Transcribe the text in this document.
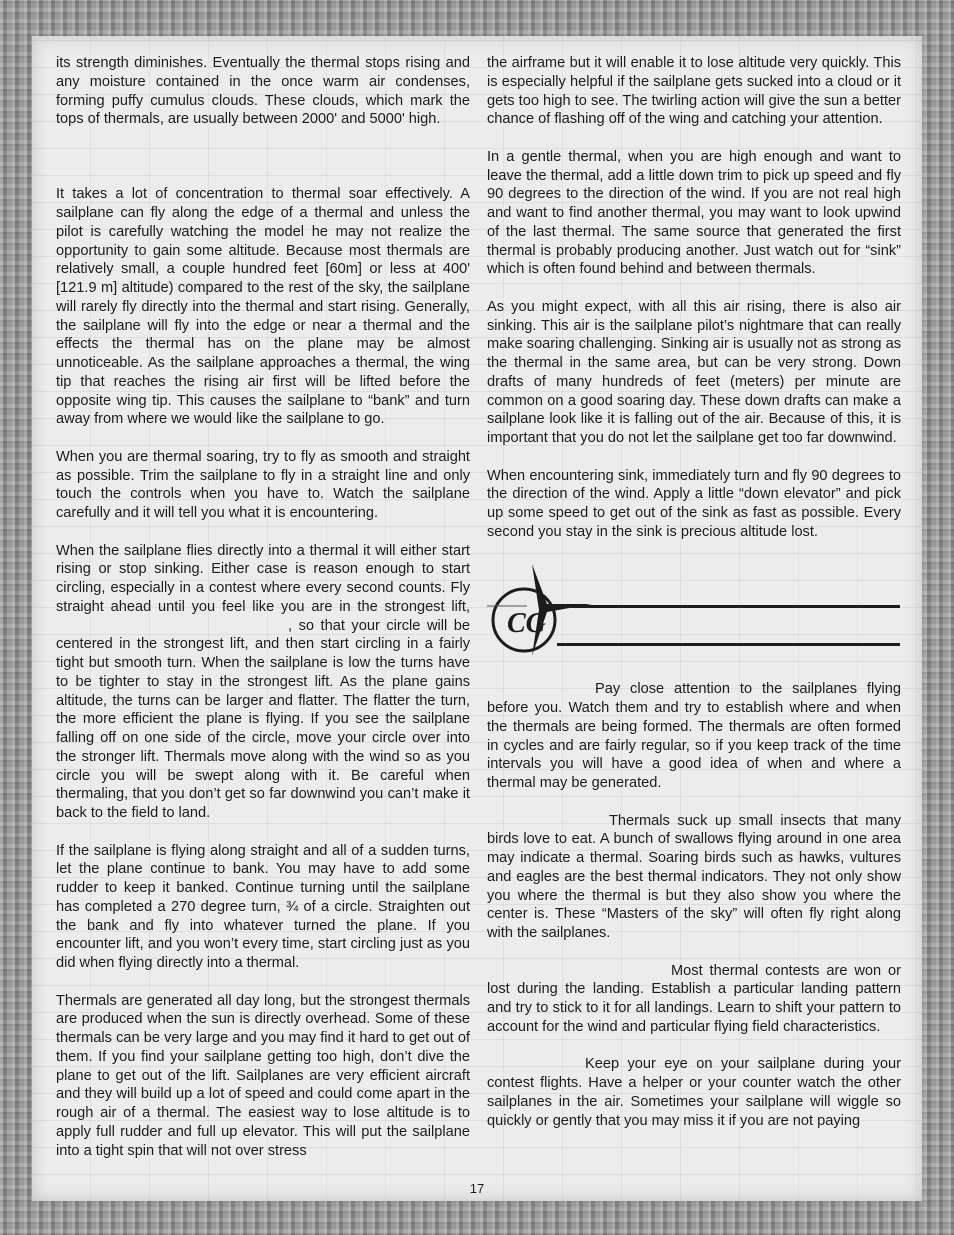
its strength diminishes. Eventually the thermal stops rising and any moisture contained in the once warm air condenses, forming puffy cumulus clouds. These clouds, which mark the tops of thermals, are usually between 2000' and 5000' high.

It takes a lot of concentration to thermal soar effectively. A sailplane can fly along the edge of a thermal and unless the pilot is carefully watching the model he may not realize the opportunity to gain some altitude. Because most thermals are relatively small, a couple hundred feet [60m] or less at 400' [121.9 m] altitude) compared to the rest of the sky, the sailplane will rarely fly directly into the thermal and start rising. Generally, the sailplane will fly into the edge or near a thermal and the effects the thermal has on the plane may be almost unnoticeable. As the sailplane approaches a thermal, the wing tip that reaches the rising air first will be lifted before the opposite wing tip. This causes the sailplane to “bank” and turn away from where we would like the sailplane to go.

When you are thermal soaring, try to fly as smooth and straight as possible. Trim the sailplane to fly in a straight line and only touch the controls when you have to. Watch the sailplane carefully and it will tell you what it is encountering.

When the sailplane flies directly into a thermal it will either start rising or stop sinking. Either case is reason enough to start circling, especially in a contest where every second counts. Fly straight ahead until you feel like you are in the strongest lift,, so that your circle will be centered in the strongest lift, and then start circling in a fairly tight but smooth turn. When the sailplane is low the turns have to be tighter to stay in the strongest lift. As the plane gains altitude, the turns can be larger and flatter. The flatter the turn, the more efficient the plane is flying. If you see the sailplane falling off on one side of the circle, move your circle over into the stronger lift. Thermals move along with the wind so as you circle you will be swept along with it. Be careful when thermaling, that you don’t get so far downwind you can’t make it back to the field to land.

If the sailplane is flying along straight and all of a sudden turns, let the plane continue to bank. You may have to add some rudder to keep it banked. Continue turning until the sailplane has completed a 270 degree turn, ¾ of a circle. Straighten out the bank and fly into whatever turned the plane. If you encounter lift, and you won’t every time, start circling just as you did when flying directly into a thermal.

Thermals are generated all day long, but the strongest thermals are produced when the sun is directly overhead. Some of these thermals can be very large and you may find it hard to get out of them. If you find your sailplane getting too high, don’t dive the plane to get out of the lift. Sailplanes are very efficient aircraft and they will build up a lot of speed and could come apart in the rough air of a thermal. The easiest way to lose altitude is to apply full rudder and full up elevator. This will put the sailplane into a tight spin that will not over stress

the airframe but it will enable it to lose altitude very quickly. This is especially helpful if the sailplane gets sucked into a cloud or it gets too high to see. The twirling action will give the sun a better chance of flashing off of the wing and catching your attention.

In a gentle thermal, when you are high enough and want to leave the thermal, add a little down trim to pick up speed and fly 90 degrees to the direction of the wind. If you are not real high and want to find another thermal, you may want to look upwind of the last thermal. The same source that generated the first thermal is probably producing another. Just watch out for “sink” which is often found behind and between thermals.

As you might expect, with all this air rising, there is also air sinking. This air is the sailplane pilot’s nightmare that can really make soaring challenging. Sinking air is usually not as strong as the thermal in the same area, but can be very strong. Down drafts of many hundreds of feet (meters) per minute are common on a good soaring day. These down drafts can make a sailplane look like it is falling out of the air. Because of this, it is important that you do not let the sailplane get too far downwind.

When encountering sink, immediately turn and fly 90 degrees to the direction of the wind. Apply a little “down elevator” and pick up some speed to get out of the sink as fast as possible. Every second you stay in the sink is precious altitude lost.

CG

Pay close attention to the sailplanes flying before you. Watch them and try to establish where and when the thermals are being formed. The thermals are often formed in cycles and are fairly regular, so if you keep track of the time intervals you will have a good idea of when and where a thermal may be generated.

Thermals suck up small insects that many birds love to eat. A bunch of swallows flying around in one area may indicate a thermal. Soaring birds such as hawks, vultures and eagles are the best thermal indicators. They not only show you where the thermal is but they also show you where the center is. These “Masters of the sky” will often fly right along with the sailplanes.

Most thermal contests are won or lost during the landing. Establish a particular landing pattern and try to stick to it for all landings. Learn to shift your pattern to account for the wind and particular flying field characteristics.

Keep your eye on your sailplane during your contest flights. Have a helper or your counter watch the other sailplanes in the air. Sometimes your sailplane will wiggle so quickly or gently that you may miss it if you are not paying

17
